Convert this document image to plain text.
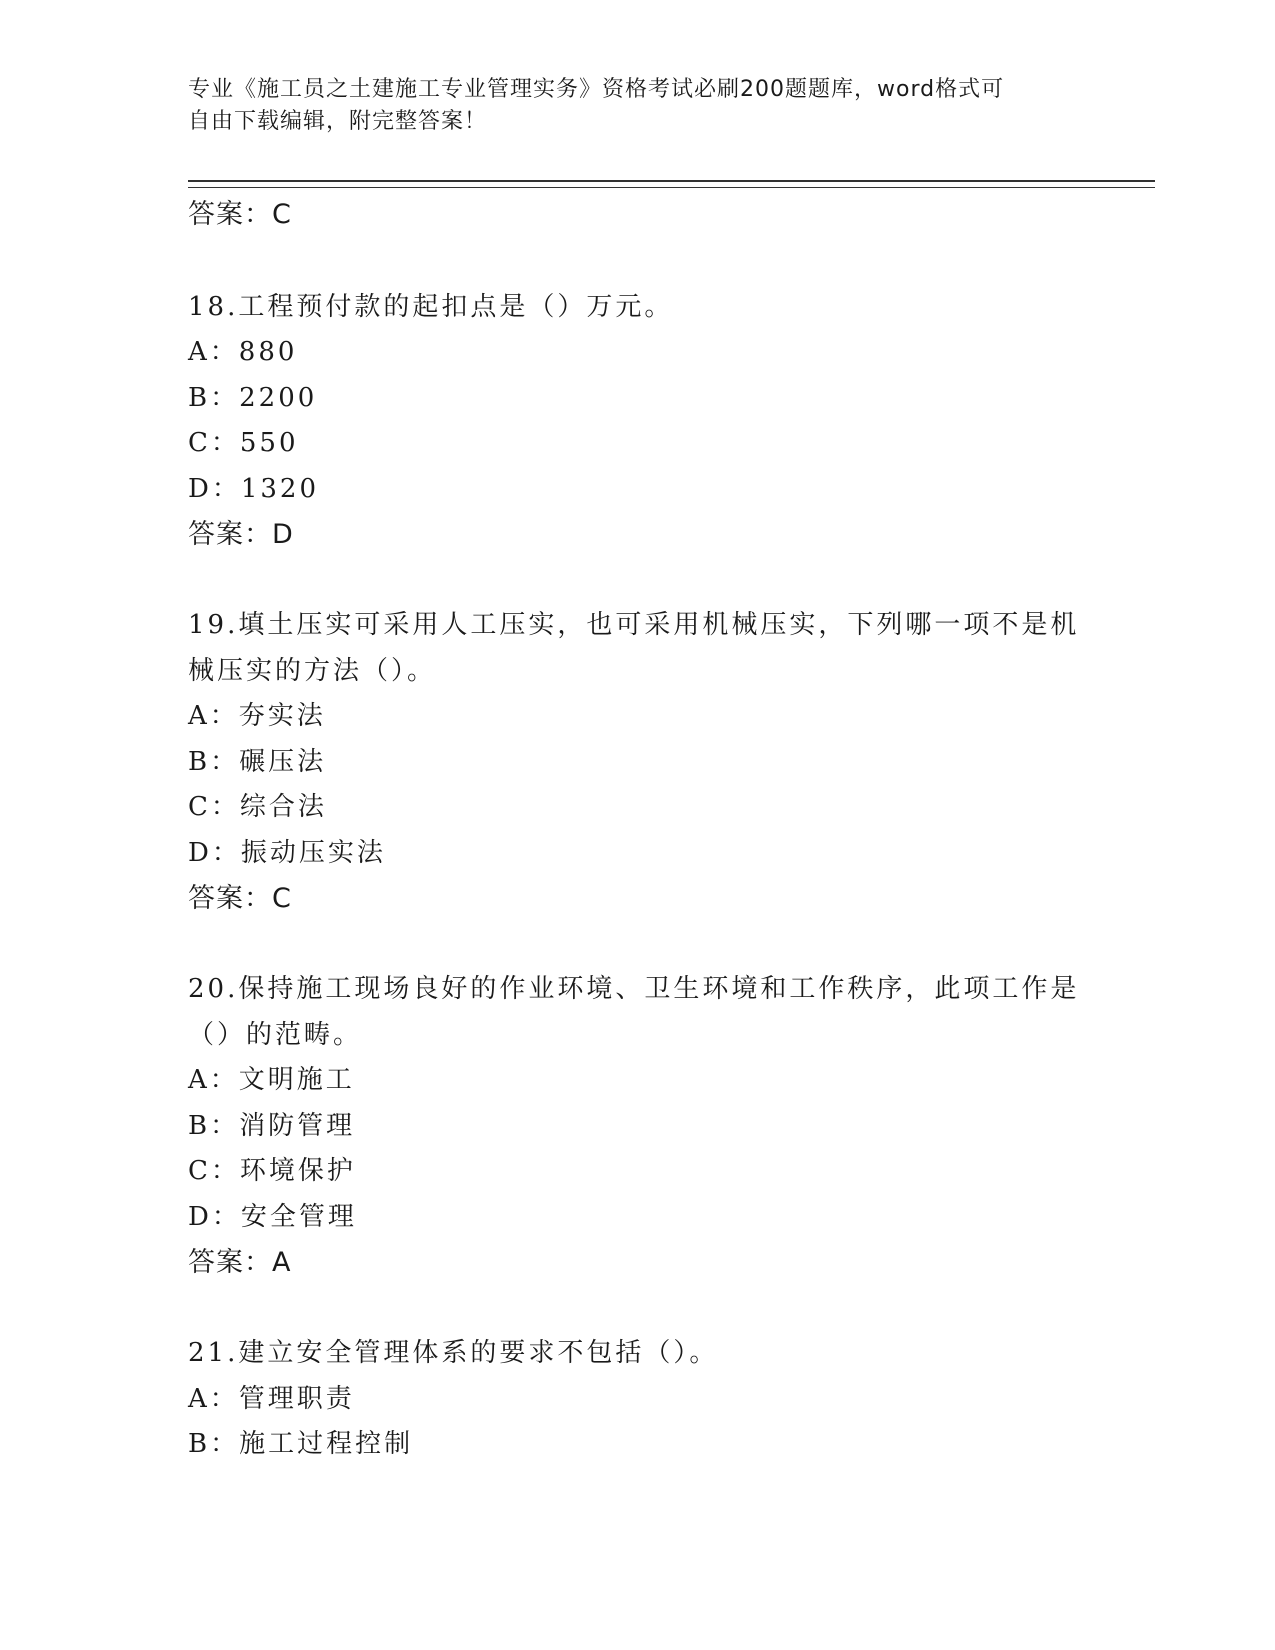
专业《施工员之土建施工专业管理实务》资格考试必刷200题题库，word格式可
自由下载编辑，附完整答案！
答案：C
18.工程预付款的起扣点是（）万元。
A：880
B：2200
C：550
D：1320
答案：D
19.填土压实可采用人工压实，也可采用机械压实，下列哪一项不是机
械压实的方法（）。
A：夯实法
B：碾压法
C：综合法
D：振动压实法
答案：C
20.保持施工现场良好的作业环境、卫生环境和工作秩序，此项工作是
（）的范畴。
A：文明施工
B：消防管理
C：环境保护
D：安全管理
答案：A
21.建立安全管理体系的要求不包括（）。
A：管理职责
B：施工过程控制
